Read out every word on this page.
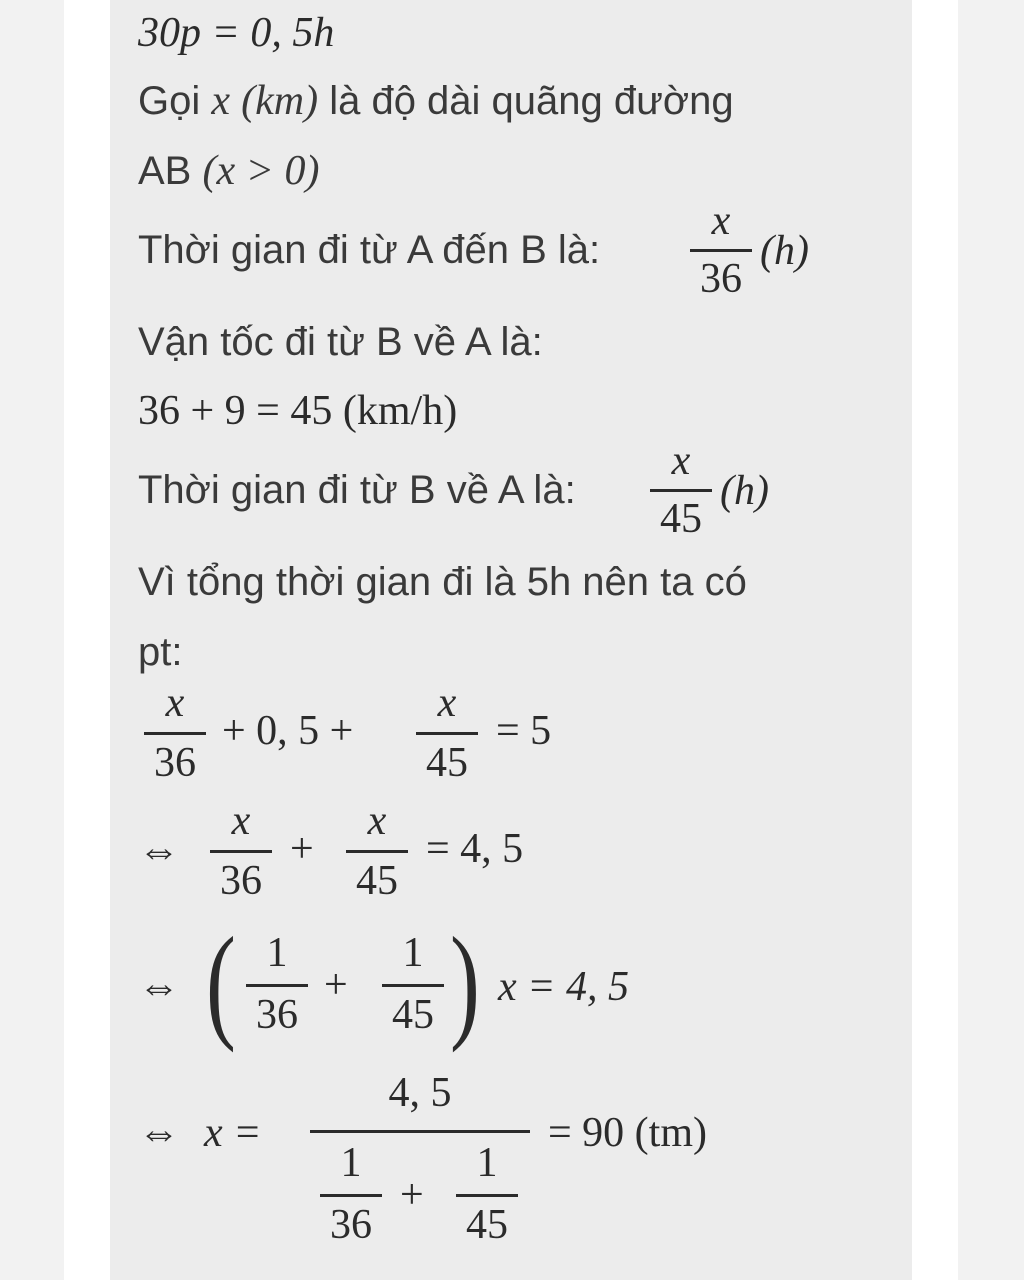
30p = 0, 5h
Gọi x (km) là độ dài quãng đường
AB (x > 0)
Thời gian đi từ A đến B là:
x
36
(h)
Vận tốc đi từ B về A là:
36 + 9 = 45 (km/h)
Thời gian đi từ B về A là:
x
45
(h)
Vì tổng thời gian đi là 5h nên ta có
pt:
x
36
+ 0, 5 +
x
45
= 5
⇔
x
36
+
x
45
= 4, 5
⇔ ( 1
36
+
1
45 ) x = 4, 5
⇔ x =
4, 5
1
36
+
1
45
= 90 (tm)
